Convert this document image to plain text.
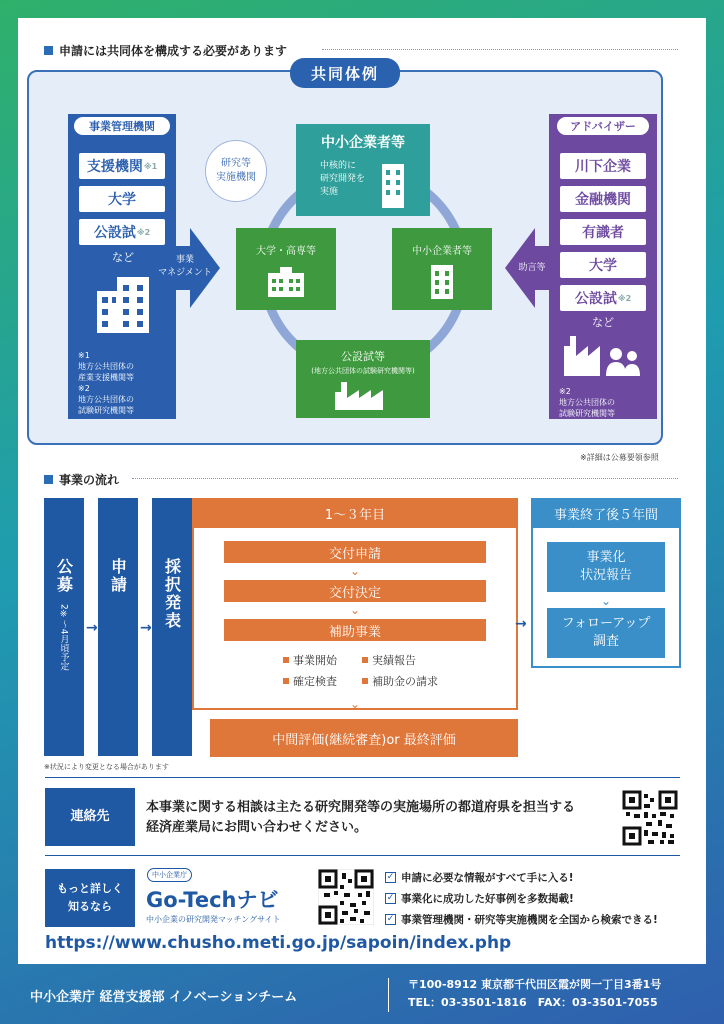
申請には共同体を構成する必要があります
共同体例
事業管理機関
支援機関 ※1
大学
公設試 ※2
など
※1
地方公共団体の
産業支援機関等
※2
地方公共団体の
試験研究機関等
事業
マネジメント
アドバイザー
川下企業
金融機関
有識者
大学
公設試 ※2
など
※2
地方公共団体の
試験研究機関等
助言等
研究等
実施機関
中小企業者等
中核的に
研究開発を
実施
大学・高専等	中小企業者等
公設試等
(地方公共団体の試験研究機関等)
※詳細は公募要領参照
事業の流れ
公募
2※〜4月頃予定 →
申請
→ 採択発表
1〜３年目
交付申請
⌄
交付決定
⌄
補助事業
事業開始	実績報告
確定検査	補助金の請求
⌄
中間評価(継続審査)or 最終評価
→
事業終了後５年間
事業化
状況報告
⌄
フォローアップ
調査
※状況により変更となる場合があります
連絡先
本事業に関する相談は主たる研究開発等の実施場所の都道府県を担当する
経済産業局にお問い合わせください。
もっと詳しく
知るなら
中小企業庁
Go-Techナビ
中小企業の研究開発マッチングサイト
✓ 申請に必要な情報がすべて手に入る!
✓ 事業化に成功した好事例を多数掲載!
✓ 事業管理機関・研究等実施機関を全国から検索できる!
https://www.chusho.meti.go.jp/sapoin/index.php
中小企業庁 経営支援部 イノベーションチーム
〒100-8912 東京都千代田区霞が関一丁目3番1号
TEL：03-3501-1816　FAX：03-3501-7055
